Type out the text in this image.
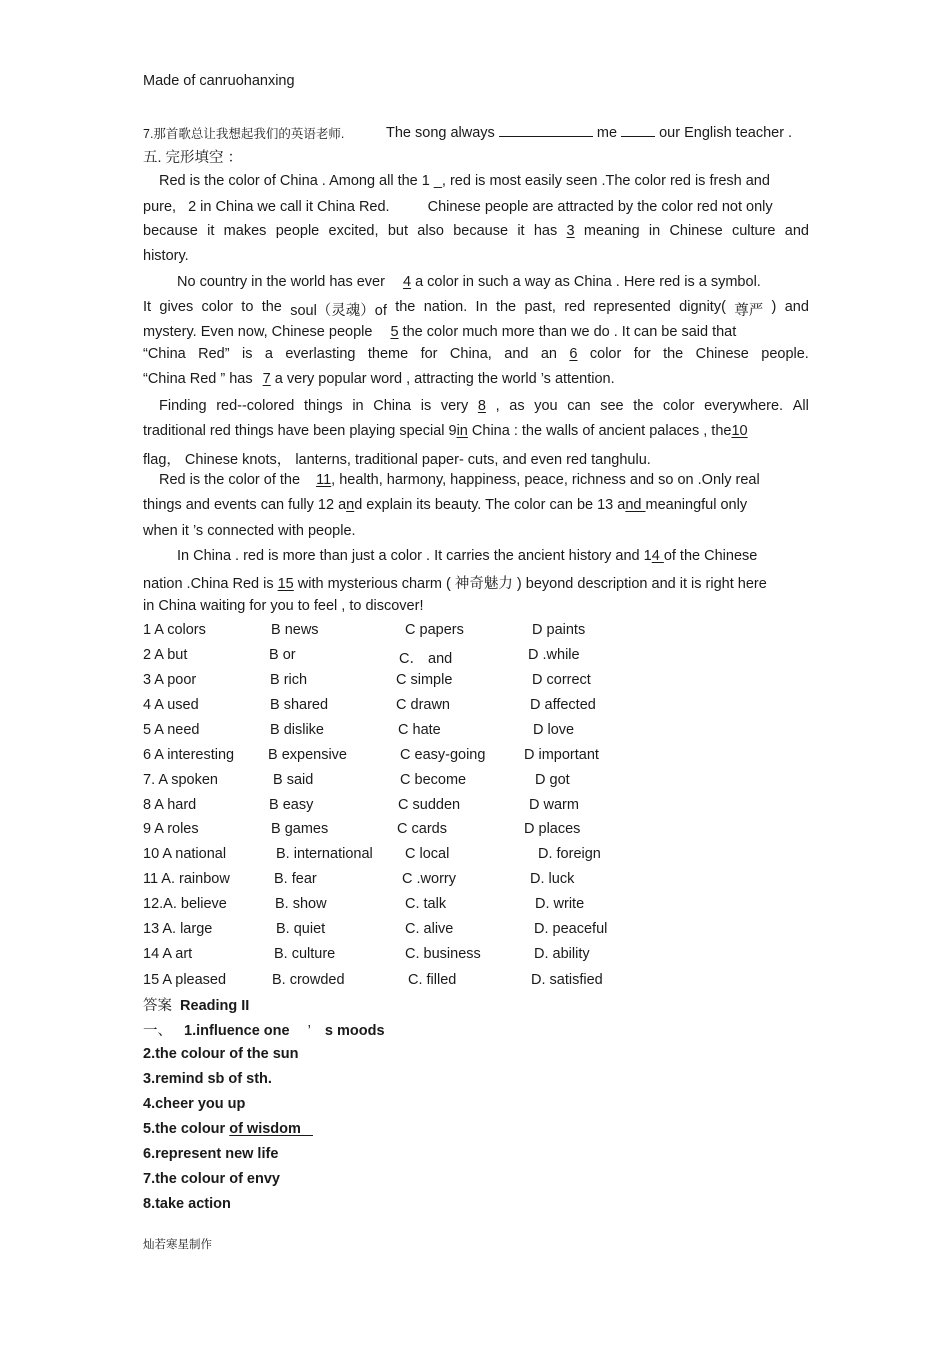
Made of canruohanxing
7.那首歌总让我想起我们的英语老师.	The song always	me	our English teacher .
五. 完形填空 ：
Red is the color of China . Among all the 1 _, red is most easily seen .The color red is fresh and
pure, 2 in China we call it China Red.	Chinese people are attracted by the color red not only
because it makes people excited, but also because it has 3 meaning in Chinese culture and
history.
No country in the world has ever 4 a color in such a way as China . Here red is a symbol.
It gives color to the soul（灵魂）of the nation. In the past, red represented dignity( 尊严 ) and
mystery. Even now, Chinese people 5 the color much more than we do . It can be said that
“China Red” is a everlasting theme for China, and an 6 color for the Chinese people.
“China Red ” has 7 a very popular word , attracting the world ’s attention.
Finding red--colored things in China is very 8 , as you can see the color everywhere. All
traditional red things have been playing special 9in China : the walls of ancient palaces , the10
flag， Chinese knots， lanterns, traditional paper- cuts, and even red tanghulu.
Red is the color of the 11, health, harmony, happiness, peace, richness and so on .Only real
things and events can fully 12 and explain its beauty. The color can be 13 and meaningful only
when it ’s connected with people.
In China . red is more than just a color . It carries the ancient history and 14 of the Chinese
nation .China Red is 15 with mysterious charm ( 神奇魅力 ) beyond description and it is right here
in China waiting for you to feel , to discover!
1 A colors	B news	C papers	D paints
2 A but	B or	C． and	D .while
3 A poor	B rich	C simple	D correct
4 A used	B shared	C drawn	D affected
5 A need	B dislike	C hate	D love
6 A interesting B expensive	C easy-going	D important
7. A spoken	B said	C become	D got
8 A hard	B easy	C sudden	D warm
9 A roles	B games	C cards	D places
10 A national	B. international C local	D. foreign
11 A. rainbow	B. fear	C .worry	D. luck
12.A. believe	B. show	C. talk	D. write
13 A. large	B. quiet	C. alive	D. peaceful
14 A art	B. culture	C. business	D. ability
15 A pleased	B. crowded	C. filled	D. satisfied
答案 Reading II
一、 1.influence one ’ s moods
2.the colour of the sun
3.remind sb of sth.
4.cheer you up
5.the colour of wisdom
6.represent new life
7.the colour of envy
8.take action
灿若寒星制作
